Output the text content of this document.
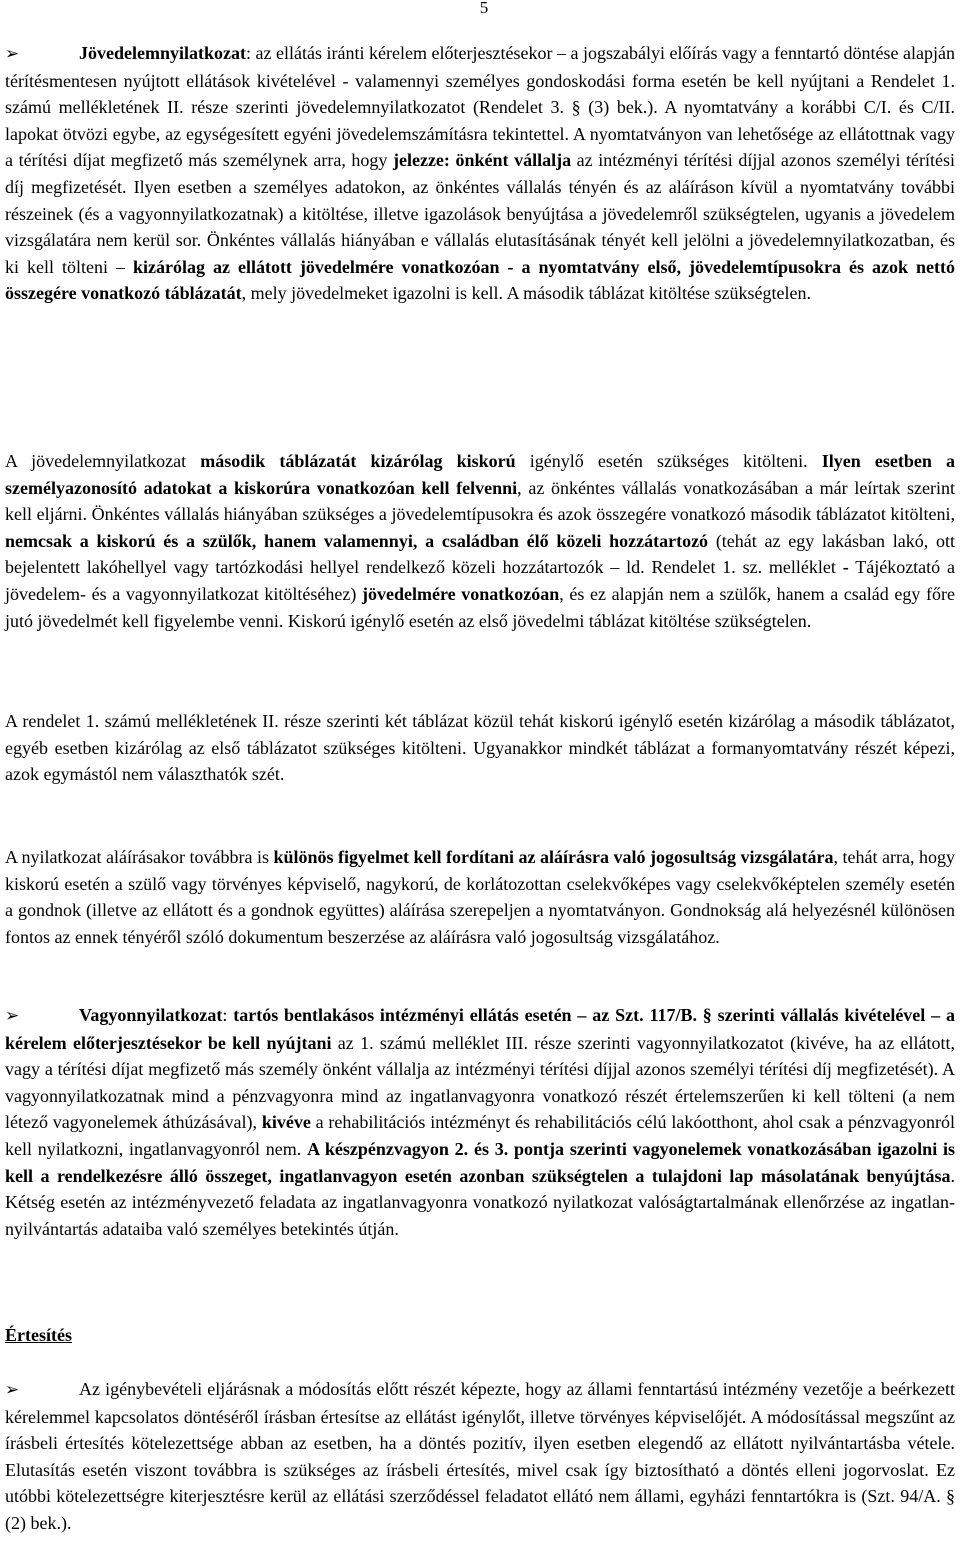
5

➢	Jövedelemnyilatkozat: az ellátás iránti kérelem előterjesztésekor – a jogszabályi előírás vagy a fenntartó döntése alapján térítésmentesen nyújtott ellátások kivételével - valamennyi személyes gondoskodási forma esetén be kell nyújtani a Rendelet 1. számú mellékletének II. része szerinti jövedelemnyilatkozatot (Rendelet 3. § (3) bek.). A nyomtatvány a korábbi C/I. és C/II. lapokat ötvözi egybe, az egységesített egyéni jövedelemszámításra tekintettel. A nyomtatványon van lehetősége az ellátottnak vagy a térítési díjat megfizető más személynek arra, hogy jelezze: önként vállalja az intézményi térítési díjjal azonos személyi térítési díj megfizetését. Ilyen esetben a személyes adatokon, az önkéntes vállalás tényén és az aláíráson kívül a nyomtatvány további részeinek (és a vagyonnyilatkozatnak) a kitöltése, illetve igazolások benyújtása a jövedelemről szükségtelen, ugyanis a jövedelem vizsgálatára nem kerül sor. Önkéntes vállalás hiányában e vállalás elutasításának tényét kell jelölni a jövedelemnyilatkozatban, és ki kell tölteni – kizárólag az ellátott jövedelmére vonatkozóan - a nyomtatvány első, jövedelemtípusokra és azok nettó összegére vonatkozó táblázatát, mely jövedelmeket igazolni is kell. A második táblázat kitöltése szükségtelen.

A jövedelemnyilatkozat második táblázatát kizárólag kiskorú igénylő esetén szükséges kitölteni. Ilyen esetben a személyazonosító adatokat a kiskorúra vonatkozóan kell felvenni, az önkéntes vállalás vonatkozásában a már leírtak szerint kell eljárni. Önkéntes vállalás hiányában szükséges a jövedelemtípusokra és azok összegére vonatkozó második táblázatot kitölteni, nemcsak a kiskorú és a szülők, hanem valamennyi, a családban élő közeli hozzátartozó (tehát az egy lakásban lakó, ott bejelentett lakóhellyel vagy tartózkodási hellyel rendelkező közeli hozzátartozók – ld. Rendelet 1. sz. melléklet - Tájékoztató a jövedelem- és a vagyonnyilatkozat kitöltéséhez) jövedelmére vonatkozóan, és ez alapján nem a szülők, hanem a család egy főre jutó jövedelmét kell figyelembe venni. Kiskorú igénylő esetén az első jövedelmi táblázat kitöltése szükségtelen.

A rendelet 1. számú mellékletének II. része szerinti két táblázat közül tehát kiskorú igénylő esetén kizárólag a második táblázatot, egyéb esetben kizárólag az első táblázatot szükséges kitölteni. Ugyanakkor mindkét táblázat a formanyomtatvány részét képezi, azok egymástól nem választhatók szét.

A nyilatkozat aláírásakor továbbra is különös figyelmet kell fordítani az aláírásra való jogosultság vizsgálatára, tehát arra, hogy kiskorú esetén a szülő vagy törvényes képviselő, nagykorú, de korlátozottan cselekvőképes vagy cselekvőképtelen személy esetén a gondnok (illetve az ellátott és a gondnok együttes) aláírása szerepeljen a nyomtatványon. Gondnokság alá helyezésnél különösen fontos az ennek tényéről szóló dokumentum beszerzése az aláírásra való jogosultság vizsgálatához.

➢	Vagyonnyilatkozat: tartós bentlakásos intézményi ellátás esetén – az Szt. 117/B. § szerinti vállalás kivételével – a kérelem előterjesztésekor be kell nyújtani az 1. számú melléklet III. része szerinti vagyonnyilatkozatot (kivéve, ha az ellátott, vagy a térítési díjat megfizető más személy önként vállalja az intézményi térítési díjjal azonos személyi térítési díj megfizetését). A vagyonnyilatkozatnak mind a pénzvagyonra mind az ingatlanvagyonra vonatkozó részét értelemszerűen ki kell tölteni (a nem létező vagyonelemek áthúzásával), kivéve a rehabilitációs intézményt és rehabilitációs célú lakóotthont, ahol csak a pénzvagyonról kell nyilatkozni, ingatlanvagyonról nem. A készpénzvagyon 2. és 3. pontja szerinti vagyonelemek vonatkozásában igazolni is kell a rendelkezésre álló összeget, ingatlanvagyon esetén azonban szükségtelen a tulajdoni lap másolatának benyújtása. Kétség esetén az intézményvezető feladata az ingatlanvagyonra vonatkozó nyilatkozat valóságtartalmának ellenőrzése az ingatlan-nyilvántartás adataiba való személyes betekintés útján.

Értesítés

➢	Az igénybevételi eljárásnak a módosítás előtt részét képezte, hogy az állami fenntartású intézmény vezetője a beérkezett kérelemmel kapcsolatos döntéséről írásban értesítse az ellátást igénylőt, illetve törvényes képviselőjét. A módosítással megszűnt az írásbeli értesítés kötelezettsége abban az esetben, ha a döntés pozitív, ilyen esetben elegendő az ellátott nyilvántartásba vétele. Elutasítás esetén viszont továbbra is szükséges az írásbeli értesítés, mivel csak így biztosítható a döntés elleni jogorvoslat. Ez utóbbi kötelezettségre kiterjesztésre kerül az ellátási szerződéssel feladatot ellátó nem állami, egyházi fenntartókra is (Szt. 94/A. § (2) bek.).
